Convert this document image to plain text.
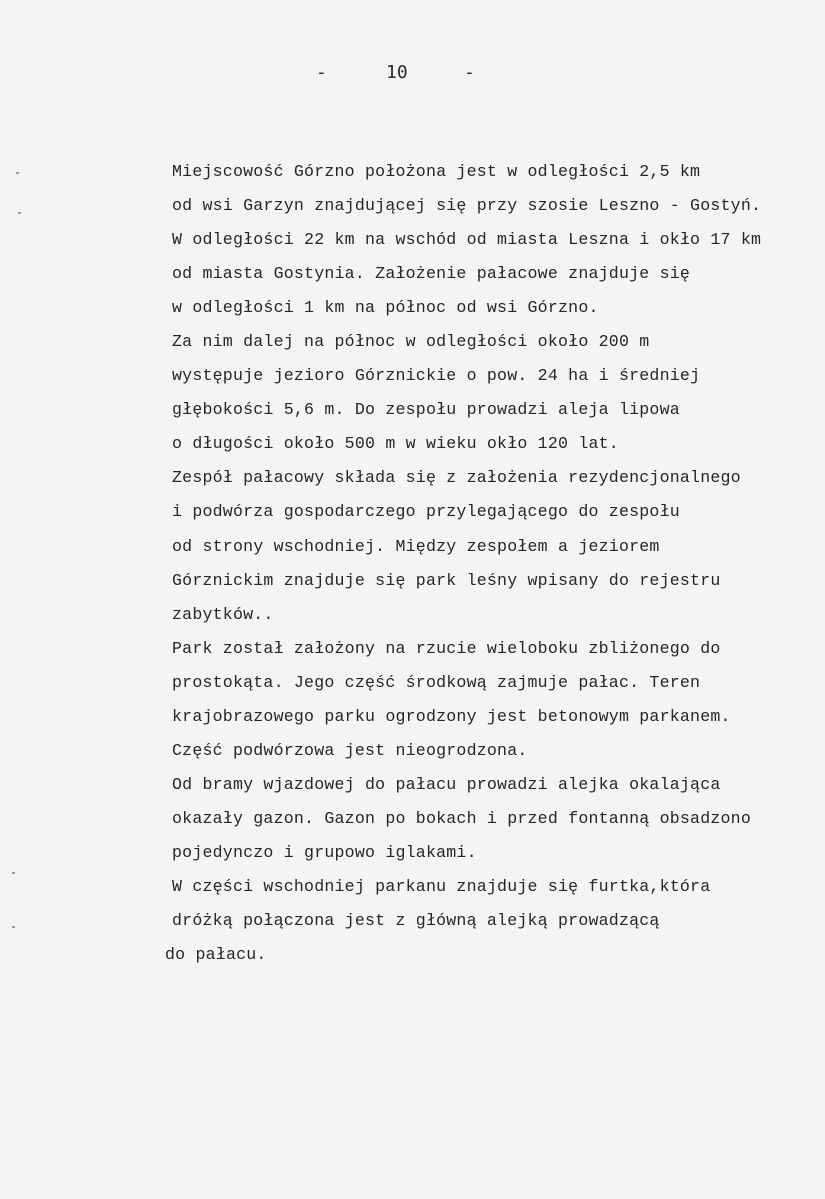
-	10	-
Miejscowość Górzno położona jest w odległości 2,5 km
od wsi Garzyn znajdującej się przy szosie Leszno - Gostyń.
W odległości 22 km na wschód od miasta Leszna i okło 17 km
od miasta Gostynia. Założenie pałacowe znajduje się
w odległości 1 km na północ od wsi Górzno.
Za nim dalej na północ w odległości około 200 m
występuje jezioro Górznickie o pow. 24 ha i średniej
głębokości 5,6 m. Do zespołu prowadzi aleja lipowa
o długości około 500 m w wieku okło 120 lat.
Zespół pałacowy składa się z założenia rezydencjonalnego
i podwórza gospodarczego przylegającego do zespołu
od strony wschodniej. Między zespołem a jeziorem
Górznickim znajduje się park leśny wpisany do rejestru
zabytków..
Park został założony na rzucie wieloboku zbliżonego do
prostokąta. Jego część środkową zajmuje pałac. Teren
krajobrazowego parku ogrodzony jest betonowym parkanem.
Część podwórzowa jest nieogrodzona.
Od bramy wjazdowej do pałacu prowadzi alejka okalająca
okazały gazon. Gazon po bokach i przed fontanną obsadzono
pojedynczo i grupowo iglakami.
W części wschodniej parkanu znajduje się furtka,która
dróżką połączona jest z główną alejką prowadzącą
do pałacu.
